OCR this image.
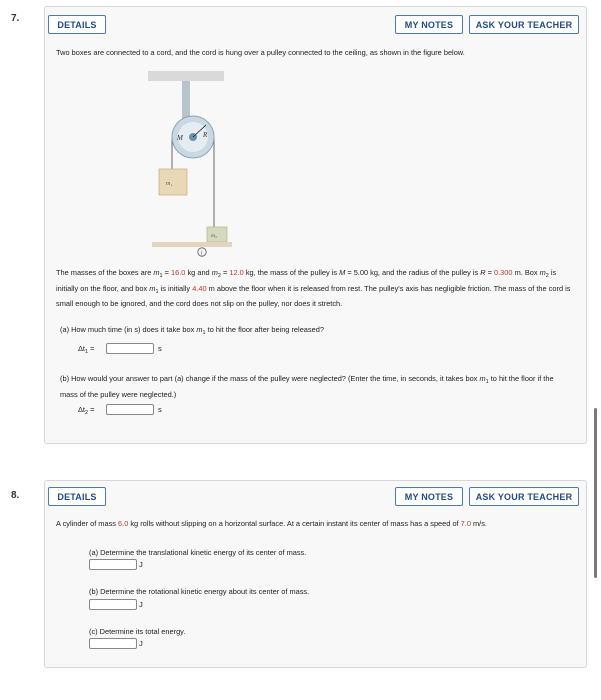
7.
DETAILS	MY NOTES	ASK YOUR TEACHER
Two boxes are connected to a cord, and the cord is hung over a pulley connected to the ceiling, as shown in the figure below.
M	R
m₁
m₂
i
The masses of the boxes are $m_1 = 16.0$ kg and $m_2 = 12.0$ kg, the mass of the pulley is M = 5.00 kg, and the radius of the pulley is R = 0.300 m. Box $m_2$ is initially on the floor, and box $m_1$ is initially 4.40 m above the floor when it is released from rest. The pulley's axis has negligible friction. The mass of the cord is small enough to be ignored, and the cord does not slip on the pulley, nor does it stretch.
(a) How much time (in s) does it take box $m_1$ to hit the floor after being released?
$\Delta t_1$ =	s
(b) How would your answer to part (a) change if the mass of the pulley were neglected? (Enter the time, in seconds, it takes box $m_1$ to hit the floor if the mass of the pulley were neglected.)
$\Delta t_2$ =	s
8.	DETAILS	MY NOTES	ASK YOUR TEACHER
A cylinder of mass 6.0 kg rolls without slipping on a horizontal surface. At a certain instant its center of mass has a speed of 7.0 m/s.
(a) Determine the translational kinetic energy of its center of mass.
J
(b) Determine the rotational kinetic energy about its center of mass.
J
(c) Determine its total energy.
J
